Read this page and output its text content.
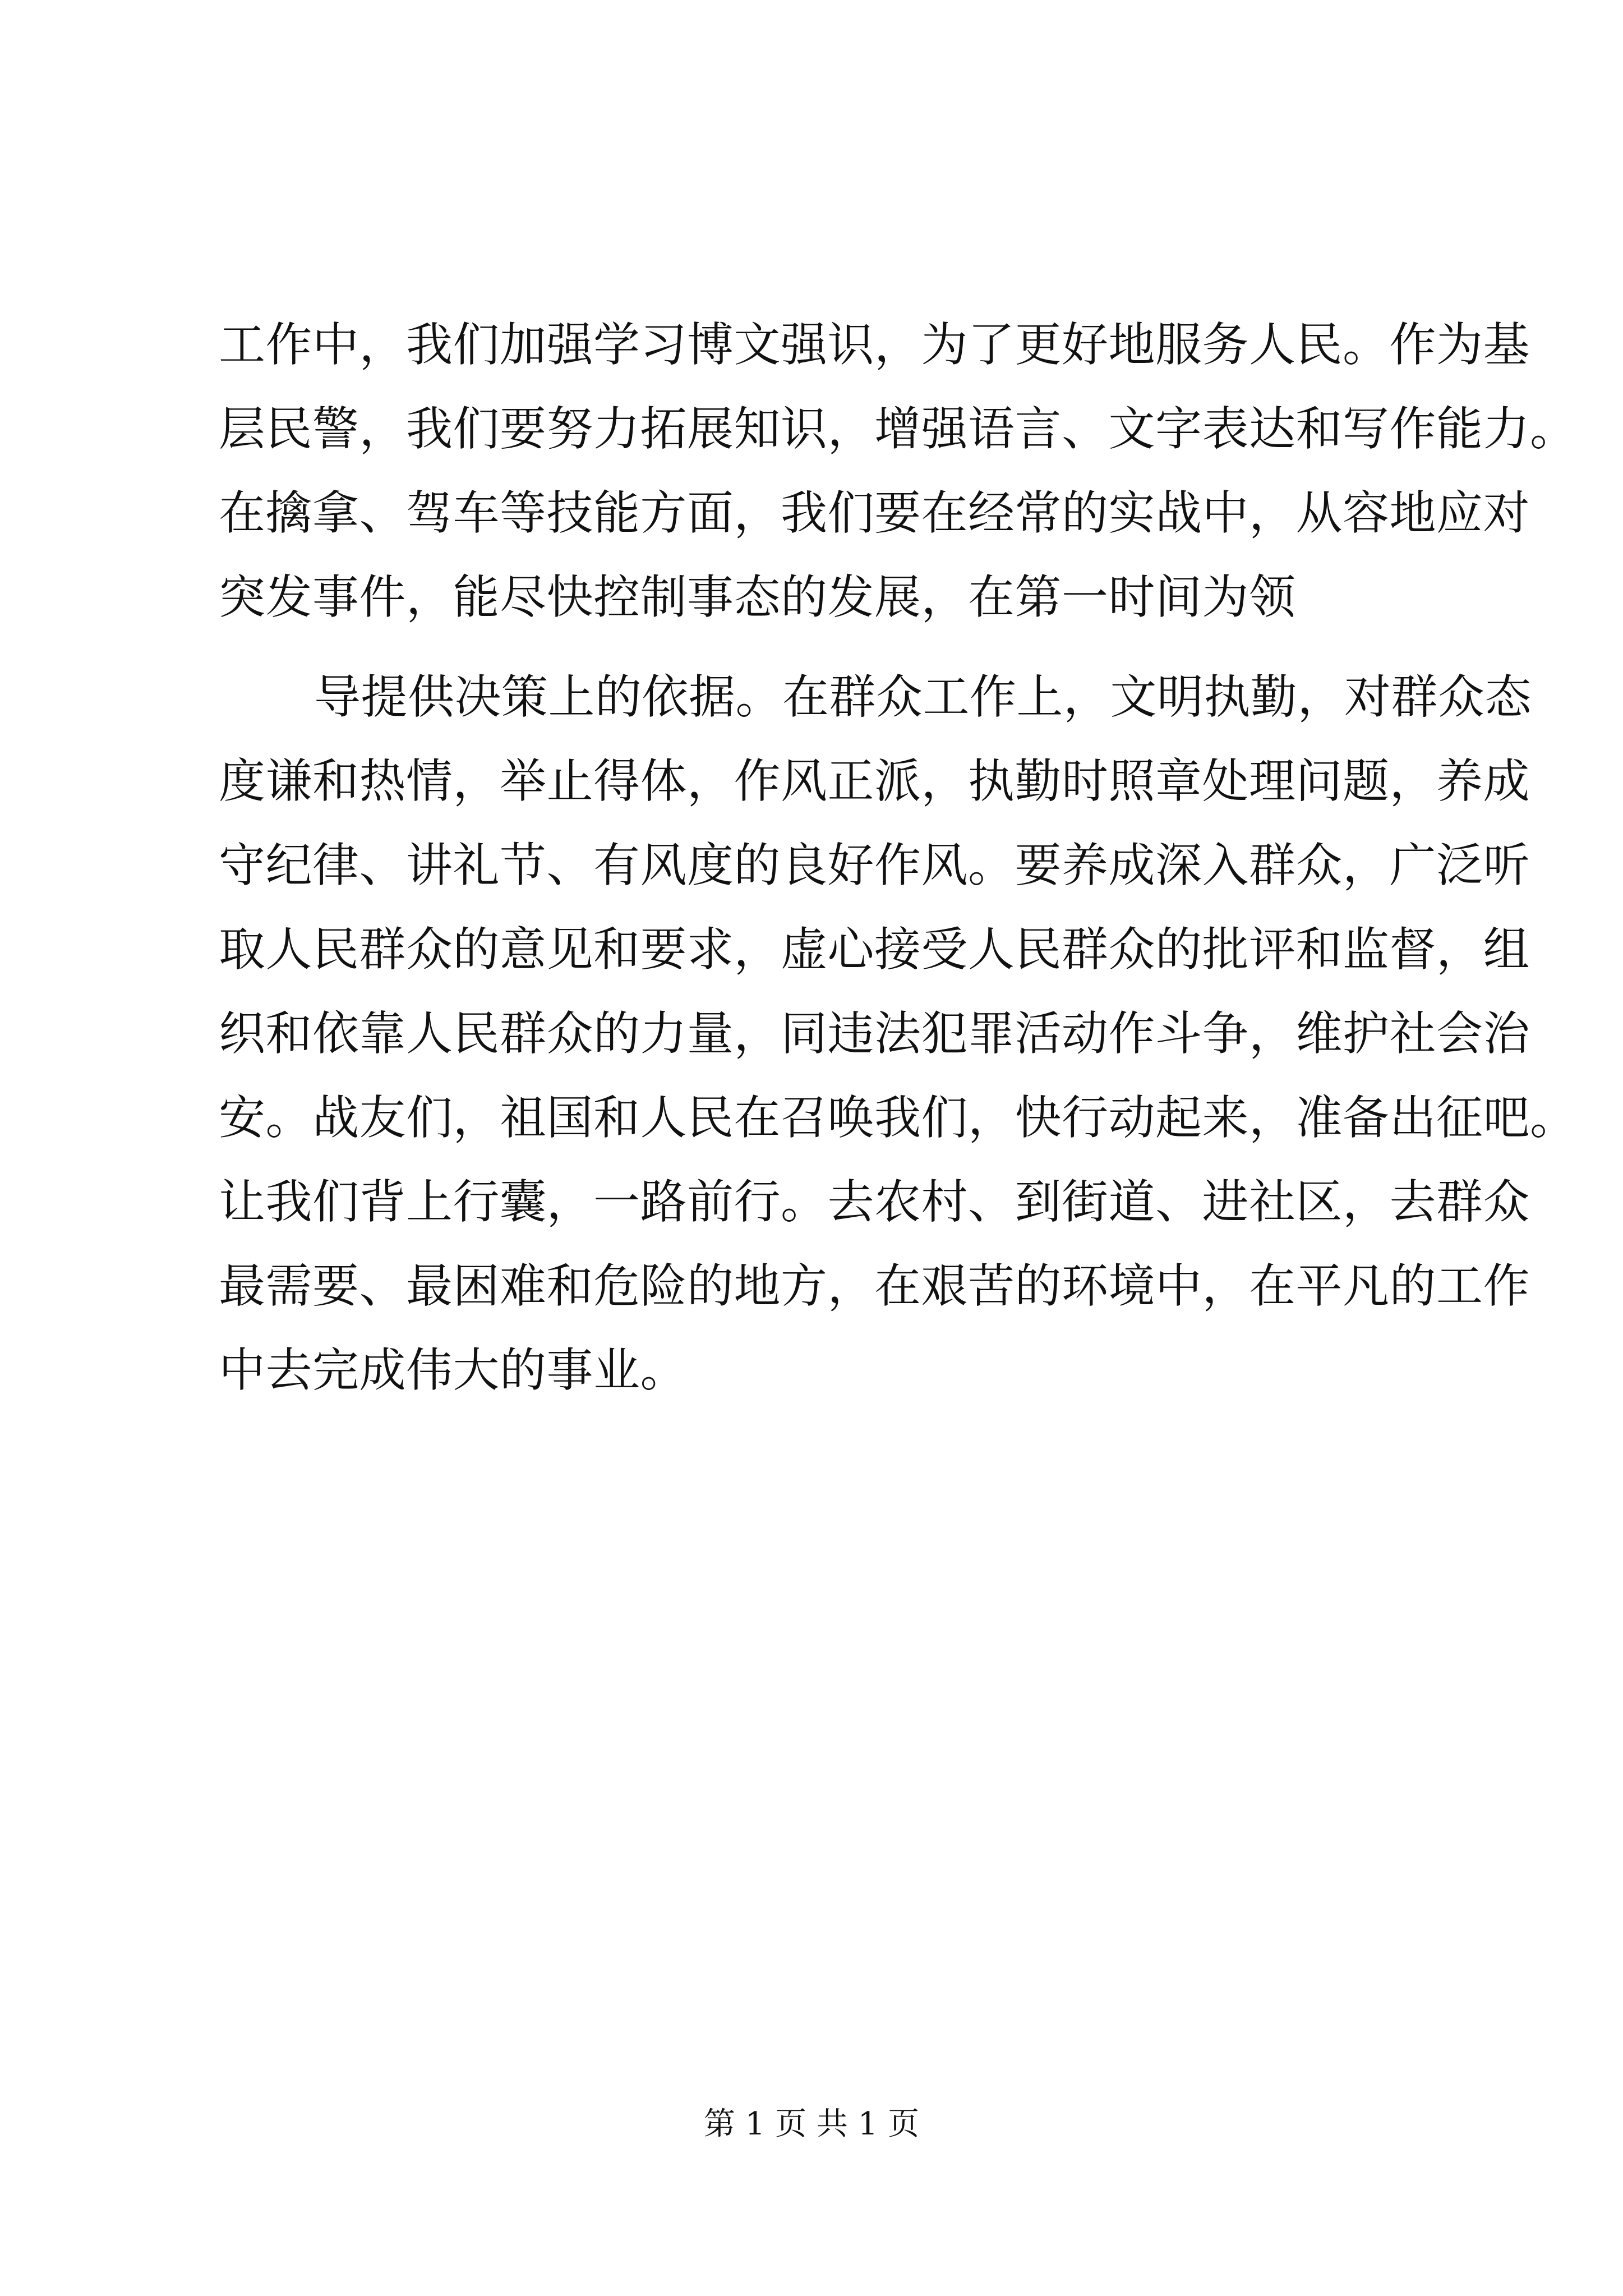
工作中，我们加强学习博文强识，为了更好地服务人民。作为基
层民警，我们要努力拓展知识，增强语言、文字表达和写作能力。
在擒拿、驾车等技能方面，我们要在经常的实战中，从容地应对
突发事件，能尽快控制事态的发展，在第一时间为领
导提供决策上的依据。在群众工作上，文明执勤，对群众态
度谦和热情，举止得体，作风正派，执勤时照章处理问题，养成
守纪律、讲礼节、有风度的良好作风。要养成深入群众，广泛听
取人民群众的意见和要求，虚心接受人民群众的批评和监督，组
织和依靠人民群众的力量，同违法犯罪活动作斗争，维护社会治
安。战友们，祖国和人民在召唤我们，快行动起来，准备出征吧。
让我们背上行囊，一路前行。去农村、到街道、进社区，去群众
最需要、最困难和危险的地方，在艰苦的环境中，在平凡的工作
中去完成伟大的事业。
第 1 页 共 1 页
